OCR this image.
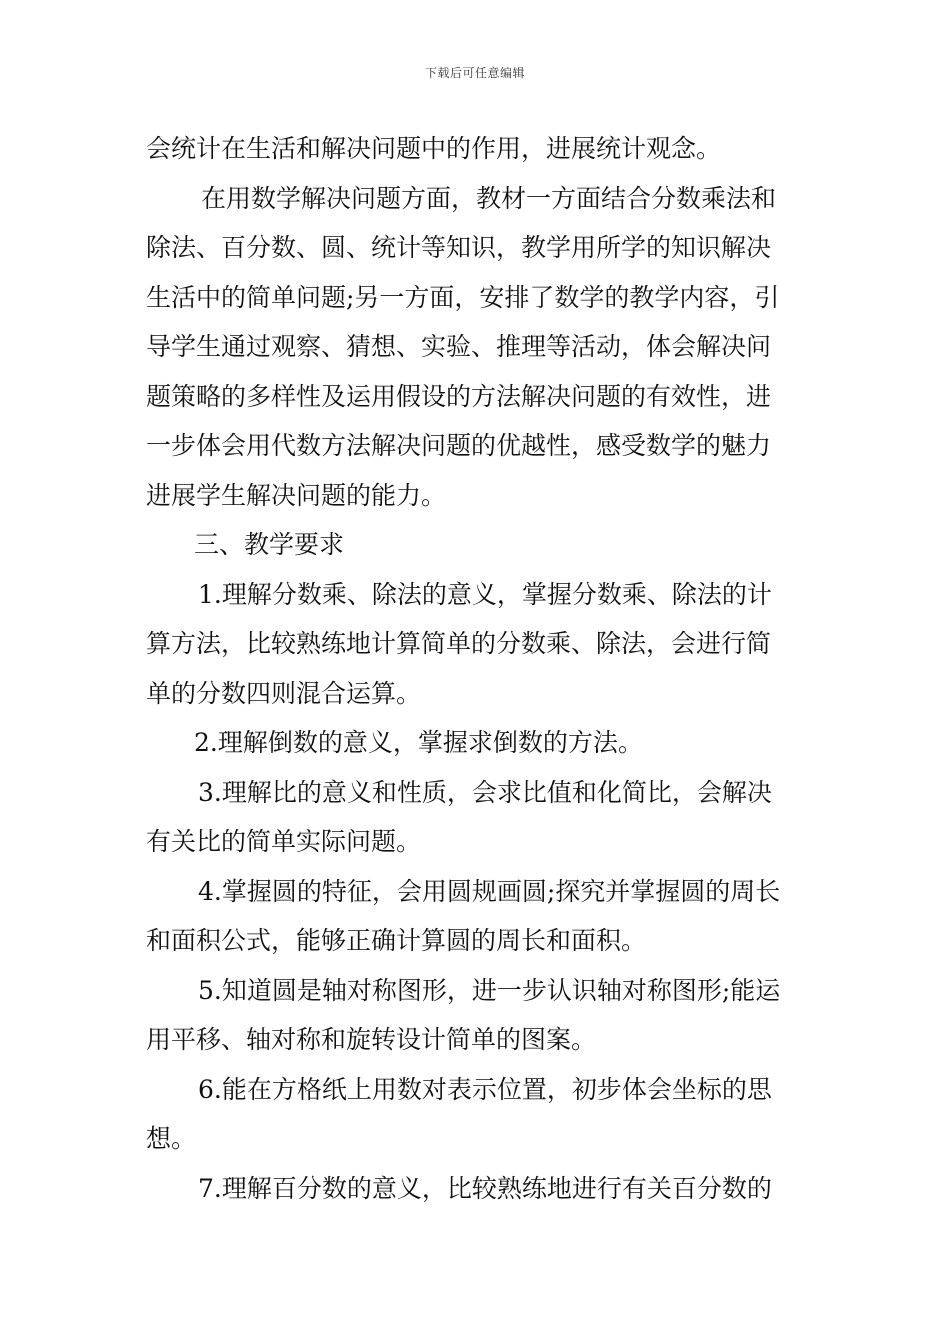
下载后可任意编辑
会统计在生活和解决问题中的作用，进展统计观念。
在用数学解决问题方面，教材一方面结合分数乘法和
除法、百分数、圆、统计等知识，教学用所学的知识解决
生活中的简单问题;另一方面，安排了数学的教学内容，引
导学生通过观察、猜想、实验、推理等活动，体会解决问
题策略的多样性及运用假设的方法解决问题的有效性，进
一步体会用代数方法解决问题的优越性，感受数学的魅力
进展学生解决问题的能力。
三、教学要求
1.理解分数乘、除法的意义，掌握分数乘、除法的计
算方法，比较熟练地计算简单的分数乘、除法，会进行简
单的分数四则混合运算。
2.理解倒数的意义，掌握求倒数的方法。
3.理解比的意义和性质，会求比值和化简比，会解决
有关比的简单实际问题。
4.掌握圆的特征，会用圆规画圆;探究并掌握圆的周长
和面积公式，能够正确计算圆的周长和面积。
5.知道圆是轴对称图形，进一步认识轴对称图形;能运
用平移、轴对称和旋转设计简单的图案。
6.能在方格纸上用数对表示位置，初步体会坐标的思
想。
7.理解百分数的意义，比较熟练地进行有关百分数的
